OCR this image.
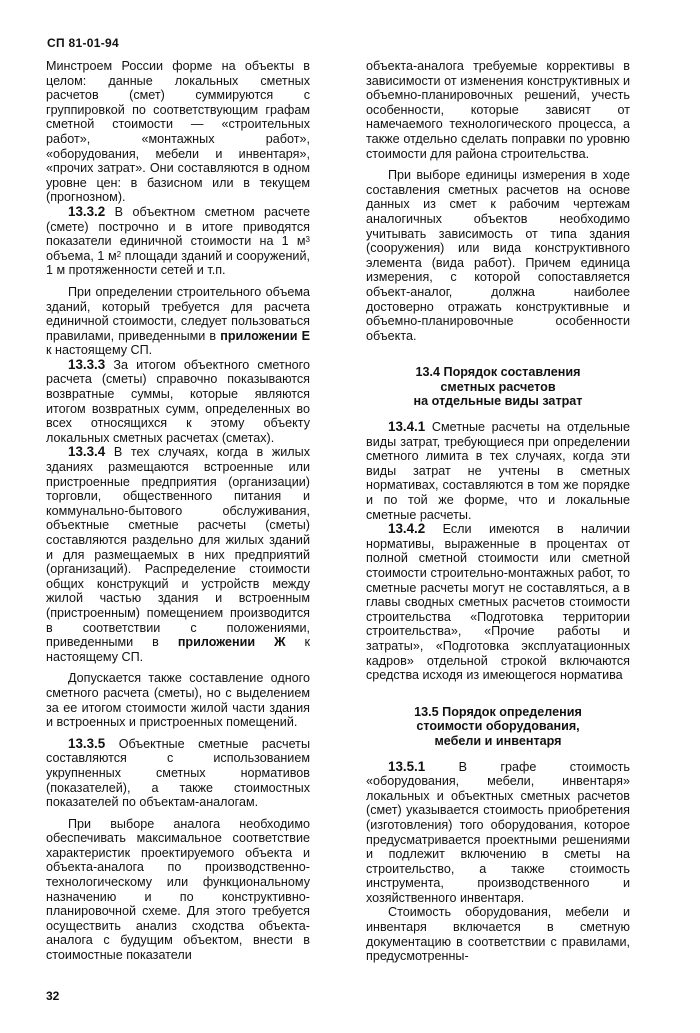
СП 81-01-94

Минстроем России форме на объекты в целом: данные локальных сметных расчетов (смет) суммируются с группировкой по соответствующим графам сметной стоимости — «строительных работ», «монтажных работ», «оборудования, мебели и инвентаря», «прочих затрат». Они составляются в одном уровне цен: в базисном или в текущем (прогнозном).

13.3.2 В объектном сметном расчете (смете) построчно и в итоге приводятся показатели единичной стоимости на 1 $м^3$ объема, 1 $м^2$ площади зданий и сооружений, 1 м протяженности сетей и т.п.

При определении строительного объема зданий, который требуется для расчета единичной стоимости, следует пользоваться правилами, приведенными в приложении Е к настоящему СП.

13.3.3 За итогом объектного сметного расчета (сметы) справочно показываются возвратные суммы, которые являются итогом возвратных сумм, определенных во всех относящихся к этому объекту локальных сметных расчетах (сметах).

13.3.4 В тех случаях, когда в жилых зданиях размещаются встроенные или пристроенные предприятия (организации) торговли, общественного питания и коммунально-бытового обслуживания, объектные сметные расчеты (сметы) составляются раздельно для жилых зданий и для размещаемых в них предприятий (организаций). Распределение стоимости общих конструкций и устройств между жилой частью здания и встроенным (пристроенным) помещением производится в соответствии с положениями, приведенными в приложении Ж к настоящему СП.

Допускается также составление одного сметного расчета (сметы), но с выделением за ее итогом стоимости жилой части здания и встроенных и пристроенных помещений.

13.3.5 Объектные сметные расчеты составляются с использованием укрупненных сметных нормативов (показателей), а также стоимостных показателей по объектам-аналогам.

При выборе аналога необходимо обеспечивать максимальное соответствие характеристик проектируемого объекта и объекта-аналога по производственно-технологическому или функциональному назначению и по конструктивно-планировочной схеме. Для этого требуется осуществить анализ сходства объекта-аналога с будущим объектом, внести в стоимостные показатели

32

объекта-аналога требуемые коррективы в зависимости от изменения конструктивных и объемно-планировочных решений, учесть особенности, которые зависят от намечаемого технологического процесса, а также отдельно сделать поправки по уровню стоимости для района строительства.

При выборе единицы измерения в ходе составления сметных расчетов на основе данных из смет к рабочим чертежам аналогичных объектов необходимо учитывать зависимость от типа здания (сооружения) или вида конструктивного элемента (вида работ). Причем единица измерения, с которой сопоставляется объект-аналог, должна наиболее достоверно отражать конструктивные и объемно-планировочные особенности объекта.

13.4 Порядок составления
сметных расчетов
на отдельные виды затрат

13.4.1 Сметные расчеты на отдельные виды затрат, требующиеся при определении сметного лимита в тех случаях, когда эти виды затрат не учтены в сметных нормативах, составляются в том же порядке и по той же форме, что и локальные сметные расчеты.

13.4.2 Если имеются в наличии нормативы, выраженные в процентах от полной сметной стоимости или сметной стоимости строительно-монтажных работ, то сметные расчеты могут не составляться, а в главы сводных сметных расчетов стоимости строительства «Подготовка территории строительства», «Прочие работы и затраты», «Подготовка эксплуатационных кадров» отдельной строкой включаются средства исходя из имеющегося норматива

13.5 Порядок определения
стоимости оборудования,
мебели и инвентаря

13.5.1 В графе стоимость «оборудования, мебели, инвентаря» локальных и объектных сметных расчетов (смет) указывается стоимость приобретения (изготовления) того оборудования, которое предусматривается проектными решениями и подлежит включению в сметы на строительство, а также стоимость инструмента, производственного и хозяйственного инвентаря.

Стоимость оборудования, мебели и инвентаря включается в сметную документацию в соответствии с правилами, предусмотренны-
